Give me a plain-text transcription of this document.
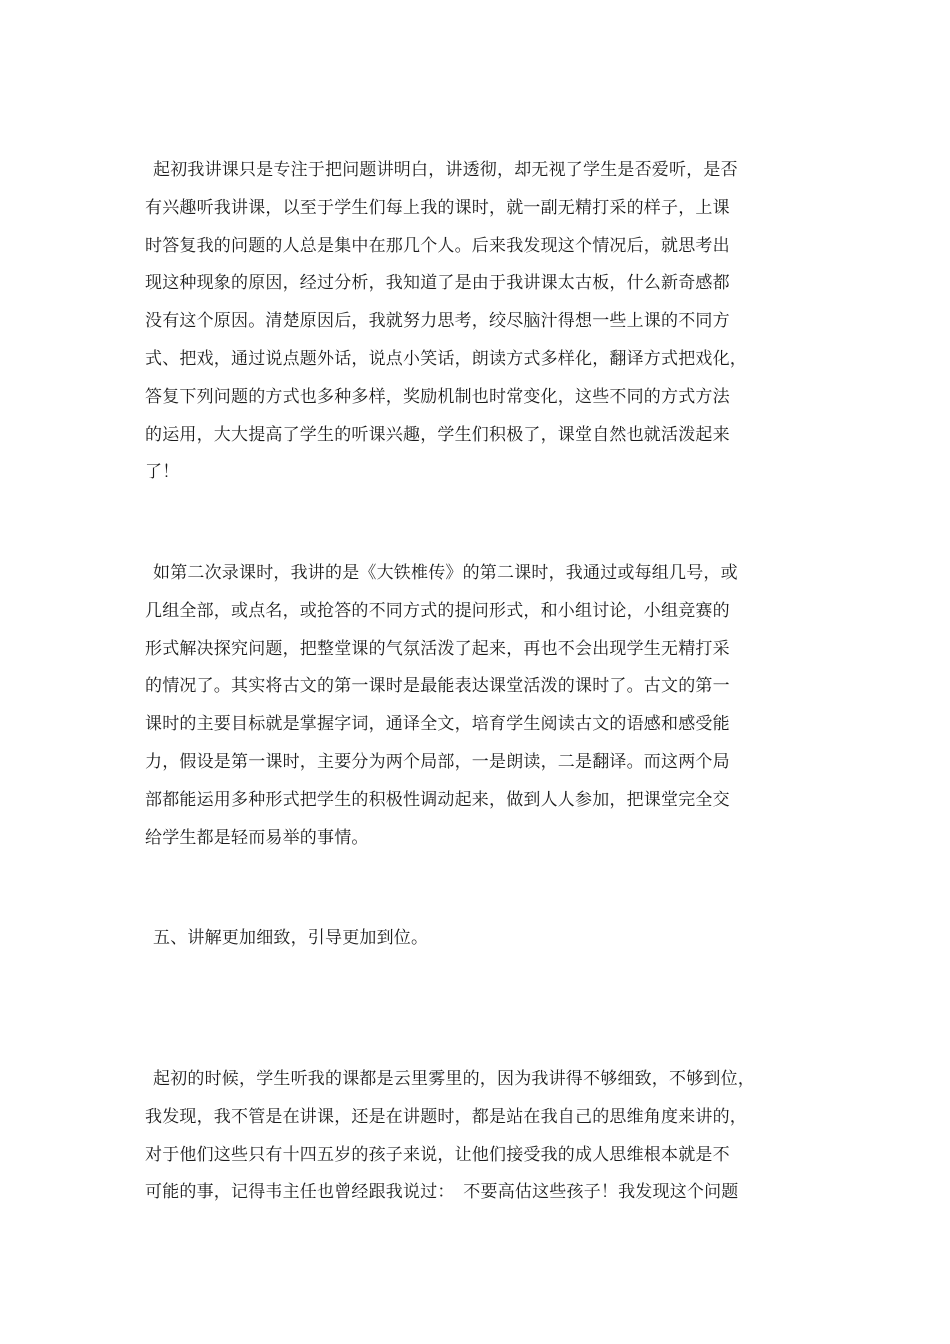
起初我讲课只是专注于把问题讲明白，讲透彻，却无视了学生是否爱听，是否
有兴趣听我讲课，以至于学生们每上我的课时，就一副无精打采的样子，上课
时答复我的问题的人总是集中在那几个人。后来我发现这个情况后，就思考出
现这种现象的原因，经过分析，我知道了是由于我讲课太古板，什么新奇感都
没有这个原因。清楚原因后，我就努力思考，绞尽脑汁得想一些上课的不同方
式、把戏，通过说点题外话，说点小笑话，朗读方式多样化，翻译方式把戏化，
答复下列问题的方式也多种多样，奖励机制也时常变化，这些不同的方式方法
的运用，大大提高了学生的听课兴趣，学生们积极了，课堂自然也就活泼起来
了！
如第二次录课时，我讲的是《大铁椎传》的第二课时，我通过或每组几号，或
几组全部，或点名，或抢答的不同方式的提问形式，和小组讨论，小组竞赛的
形式解决探究问题，把整堂课的气氛活泼了起来，再也不会出现学生无精打采
的情况了。其实将古文的第一课时是最能表达课堂活泼的课时了。古文的第一
课时的主要目标就是掌握字词，通译全文，培育学生阅读古文的语感和感受能
力，假设是第一课时，主要分为两个局部，一是朗读，二是翻译。而这两个局
部都能运用多种形式把学生的积极性调动起来，做到人人参加，把课堂完全交
给学生都是轻而易举的事情。
五、讲解更加细致，引导更加到位。
起初的时候，学生听我的课都是云里雾里的，因为我讲得不够细致，不够到位，
我发现，我不管是在讲课，还是在讲题时，都是站在我自己的思维角度来讲的，
对于他们这些只有十四五岁的孩子来说，让他们接受我的成人思维根本就是不
可能的事，记得韦主任也曾经跟我说过：　不要高估这些孩子！我发现这个问题
